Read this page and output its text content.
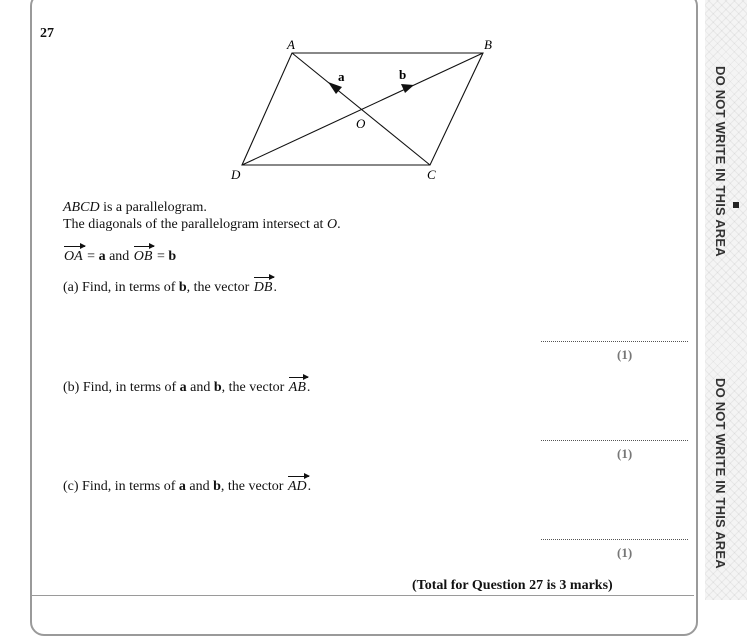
27
A	B
C
D
O
a	b
ABCD is a parallelogram.
The diagonals of the parallelogram intersect at O.
OA = a and OB = b
(a) Find, in terms of b, the vector DB.
(1)
(b) Find, in terms of a and b, the vector AB.
(1)
(c) Find, in terms of a and b, the vector AD.
(1)
(Total for Question 27 is 3 marks)
DO NOT WRITE IN THIS AREA
DO NOT WRITE IN THIS AREA
